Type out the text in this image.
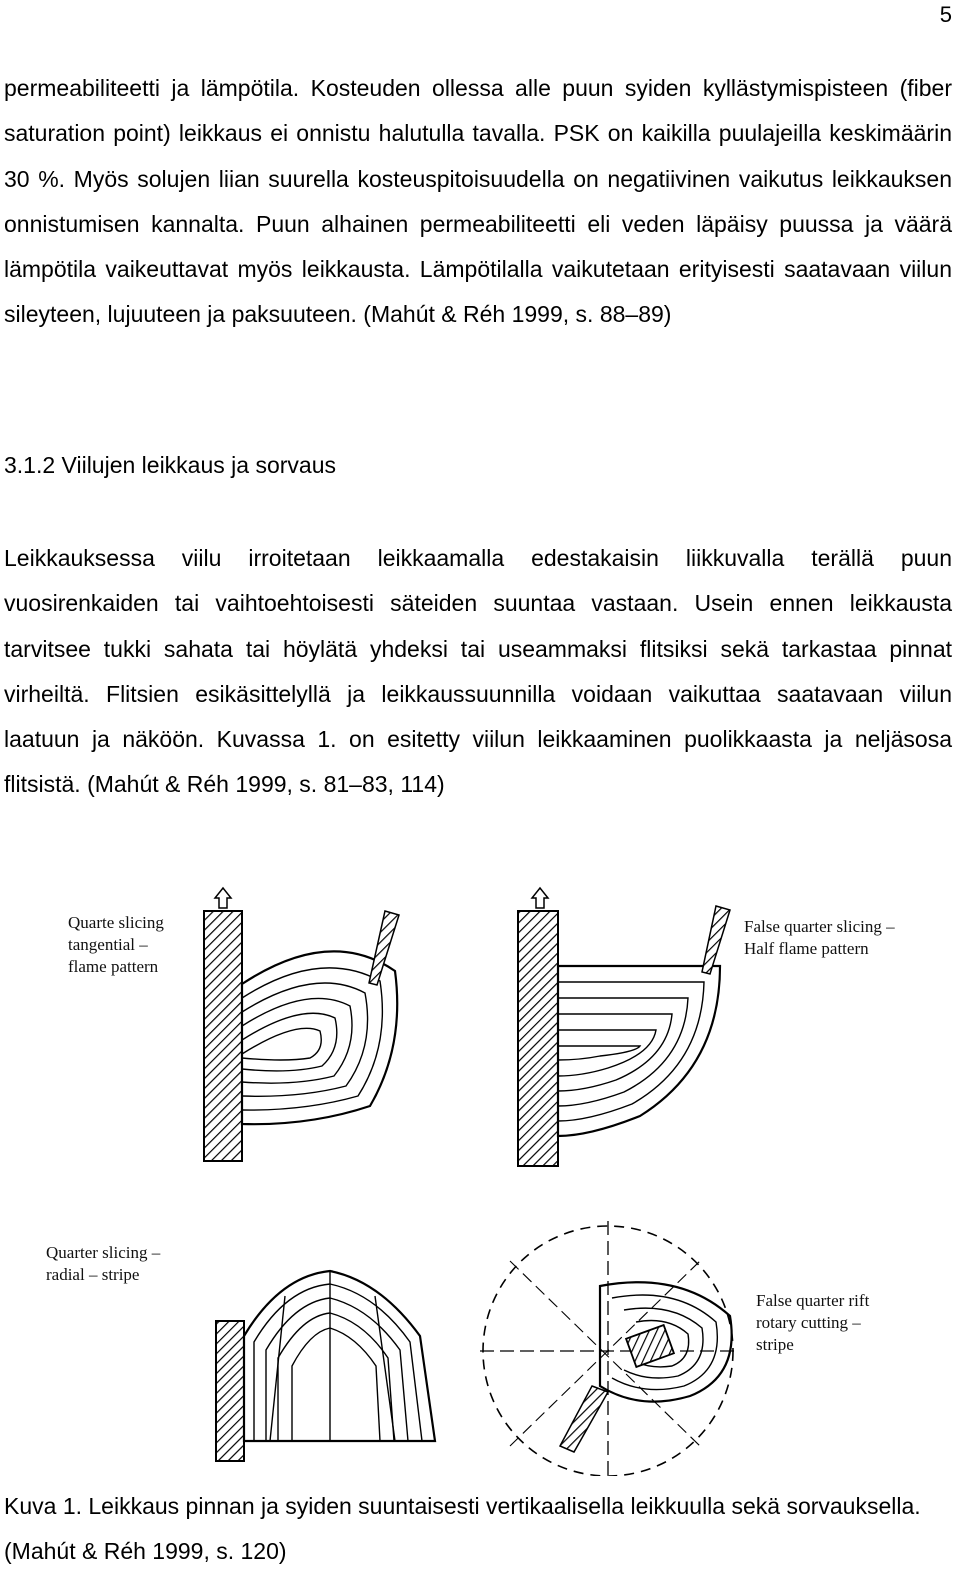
5

permeabiliteetti ja lämpötila. Kosteuden ollessa alle puun syiden kyllästymispisteen (fiber saturation point) leikkaus ei onnistu halutulla tavalla. PSK on kaikilla puulajeilla keskimäärin 30 %. Myös solujen liian suurella kosteuspitoisuudella on negatiivinen vaikutus leikkauksen onnistumisen kannalta. Puun alhainen permeabiliteetti eli veden läpäisy puussa ja väärä lämpötila vaikeuttavat myös leikkausta. Lämpötilalla vaikutetaan erityisesti saatavaan viilun sileyteen, lujuuteen ja paksuuteen. (Mahút & Réh 1999, s. 88–89)

3.1.2 Viilujen leikkaus ja sorvaus

Leikkauksessa viilu irroitetaan leikkaamalla edestakaisin liikkuvalla terällä puun vuosirenkaiden tai vaihtoehtoisesti säteiden suuntaa vastaan. Usein ennen leikkausta tarvitsee tukki sahata tai höylätä yhdeksi tai useammaksi flitsiksi sekä tarkastaa pinnat virheiltä. Flitsien esikäsittelyllä ja leikkaussuunnilla voidaan vaikuttaa saatavaan viilun laatuun ja näköön. Kuvassa 1. on esitetty viilun leikkaaminen puolikkaasta ja neljäsosa flitsistä. (Mahút & Réh 1999, s. 81–83, 114)

Quarte slicing
tangential –
flame pattern
False quarter slicing –
Half flame pattern
Quarter slicing –
radial – stripe
False quarter rift
rotary cutting –
stripe

Kuva 1. Leikkaus pinnan ja syiden suuntaisesti vertikaalisella leikkuulla sekä sorvauksella. (Mahút & Réh 1999, s. 120)
